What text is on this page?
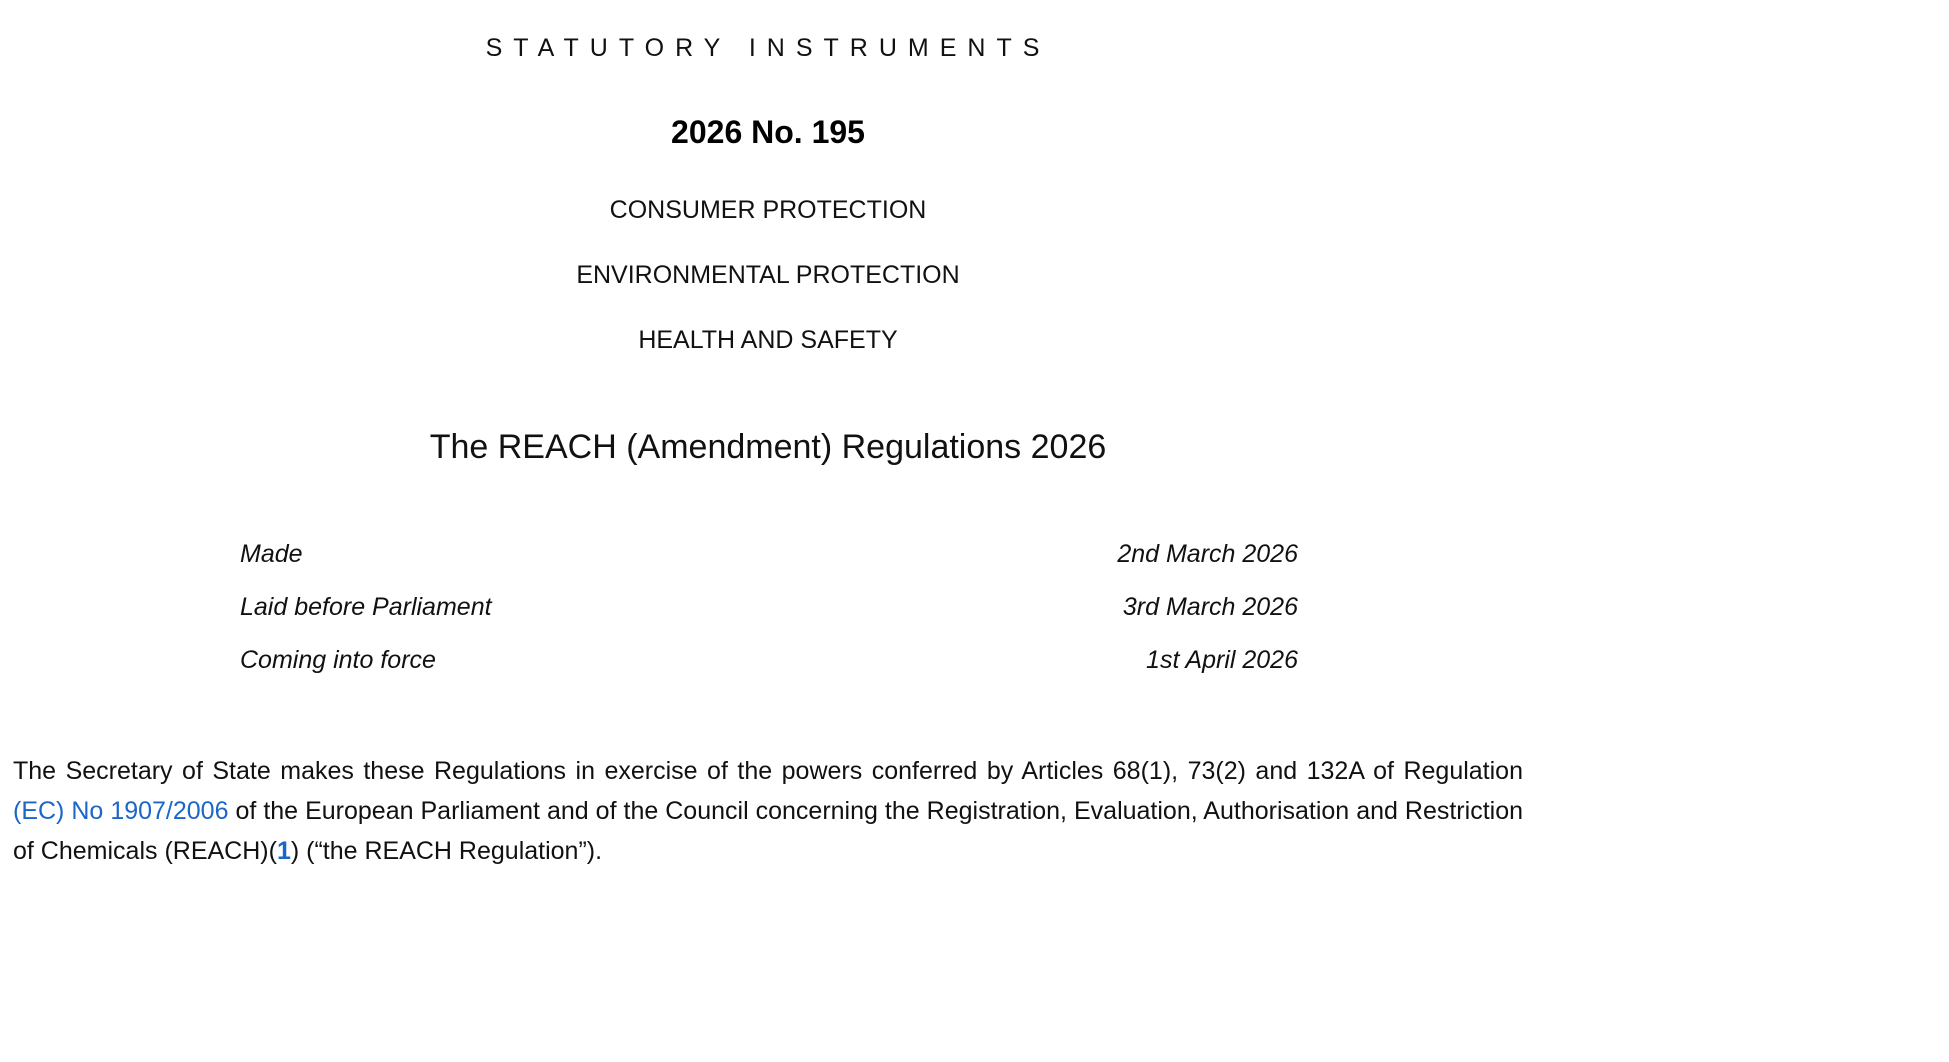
STATUTORY INSTRUMENTS
2026 No. 195
CONSUMER PROTECTION
ENVIRONMENTAL PROTECTION
HEALTH AND SAFETY
The REACH (Amendment) Regulations 2026
Made	2nd March 2026
Laid before Parliament	3rd March 2026
Coming into force	1st April 2026

The Secretary of State makes these Regulations in exercise of the powers conferred by Articles 68(1), 73(2) and 132A of Regulation (EC) No 1907/2006 of the European Parliament and of the Council concerning the Registration, Evaluation, Authorisation and Restriction of Chemicals (REACH)(1) (“the REACH Regulation”).
